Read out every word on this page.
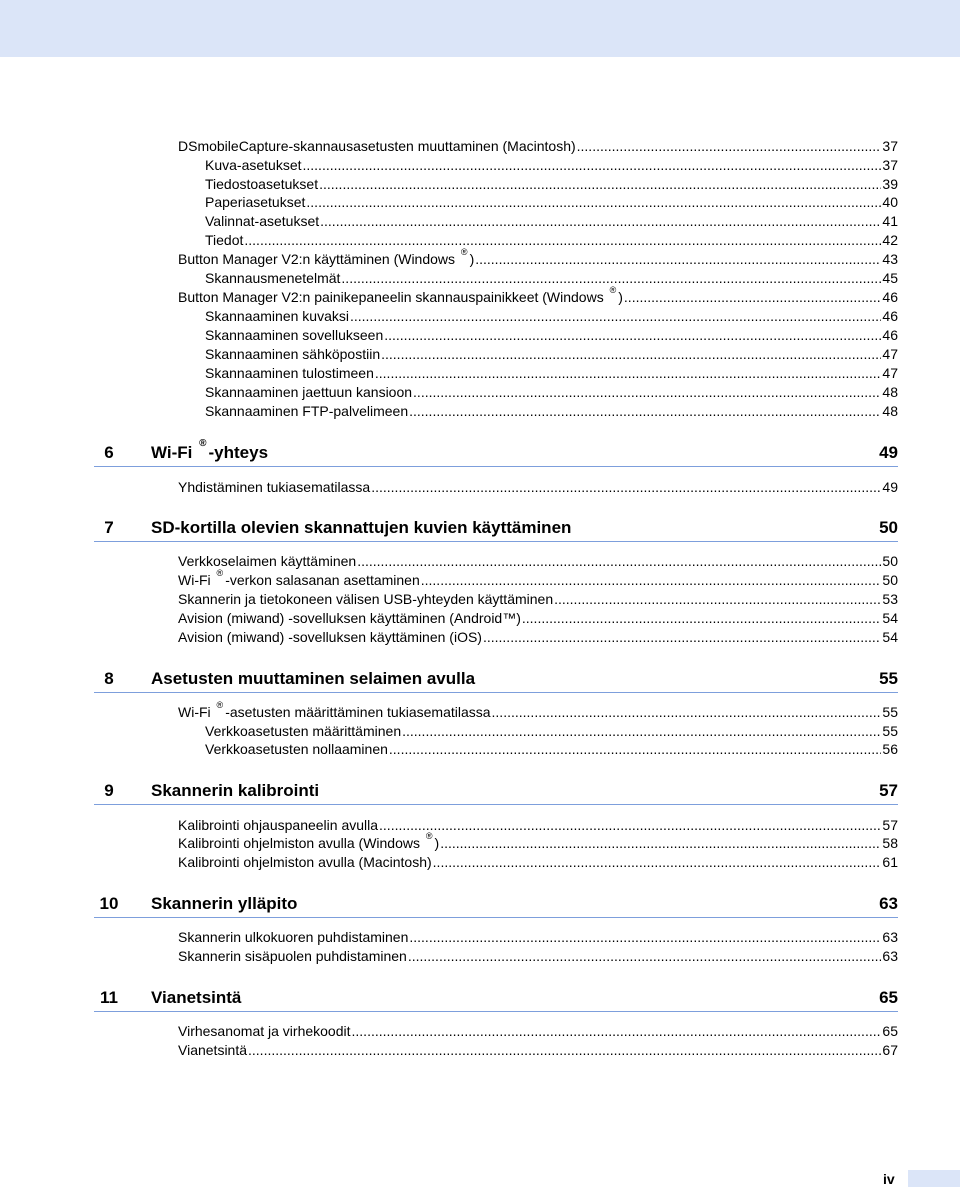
DSmobileCapture-skannausasetusten muuttaminen (Macintosh) .....	37
Kuva-asetukset .....	37
Tiedostoasetukset .....	39
Paperiasetukset .....	40
Valinnat-asetukset .....	41
Tiedot .....	42
Button Manager V2:n käyttäminen (Windows ® ) .....	43
Skannausmenetelmät .....	45
Button Manager V2:n painikepaneelin skannauspainikkeet (Windows ® ) .....	46
Skannaaminen kuvaksi .....	46
Skannaaminen sovellukseen .....	46
Skannaaminen sähköpostiin .....	47
Skannaaminen tulostimeen .....	47
Skannaaminen jaettuun kansioon .....	48
Skannaaminen FTP-palvelimeen .....	48
6	Wi-Fi ® -yhteys	49
Yhdistäminen tukiasematilassa .....	49
7	SD-kortilla olevien skannattujen kuvien käyttäminen	50
Verkkoselaimen käyttäminen .....	50
Wi-Fi ® -verkon salasanan asettaminen .....	50
Skannerin ja tietokoneen välisen USB-yhteyden käyttäminen .....	53
Avision (miwand) -sovelluksen käyttäminen (Android™) .....	54
Avision (miwand) -sovelluksen käyttäminen (iOS) .....	54
8	Asetusten muuttaminen selaimen avulla	55
Wi-Fi ® -asetusten määrittäminen tukiasematilassa .....	55
Verkkoasetusten määrittäminen .....	55
Verkkoasetusten nollaaminen .....	56
9	Skannerin kalibrointi	57
Kalibrointi ohjauspaneelin avulla .....	57
Kalibrointi ohjelmiston avulla (Windows ® ) .....	58
Kalibrointi ohjelmiston avulla (Macintosh) .....	61
10	Skannerin ylläpito	63
Skannerin ulkokuoren puhdistaminen .....	63
Skannerin sisäpuolen puhdistaminen .....	63
11	Vianetsintä	65
Virhesanomat ja virhekoodit .....	65
Vianetsintä .....	67
iv
